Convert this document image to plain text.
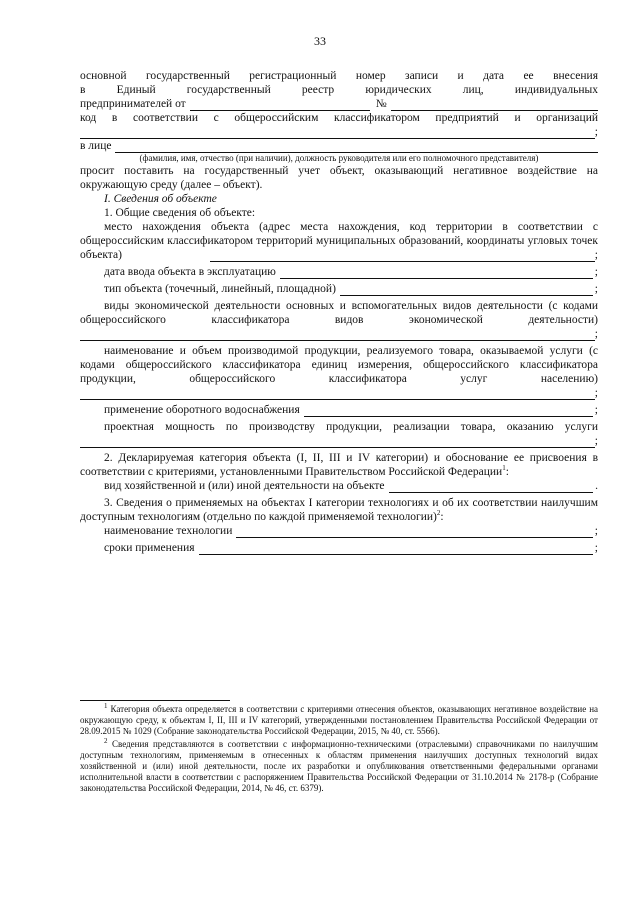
33

основной государственный регистрационный номер записи и дата ее внесения

в Единый государственный реестр юридических лиц, индивидуальных

предпринимателей от	№

код в соответствии с общероссийским классификатором предприятий и организаций

;
в лице

(фамилия, имя, отчество (при наличии), должность руководителя или его полномочного представителя)

просит поставить на государственный учет объект, оказывающий негативное воздействие на окружающую среду (далее – объект).

I. Сведения об объекте

1. Общие сведения об объекте:

место нахождения объекта (адрес места нахождения, код территории в соответствии с общероссийским классификатором территорий муниципальных образований, координаты угловых точек объекта)	;
дата ввода объекта в эксплуатацию	;
тип объекта (точечный, линейный, площадной)	;

виды экономической деятельности основных и вспомогательных видов деятельности (с кодами общероссийского классификатора видов экономической деятельности)

;

наименование и объем производимой продукции, реализуемого товара, оказываемой услуги (с кодами общероссийского классификатора единиц измерения, общероссийского классификатора продукции, общероссийского классификатора услуг населению)

;
применение оборотного водоснабжения	;

проектная мощность по производству продукции, реализации товара, оказанию услуги

;

2. Декларируемая категория объекта (I, II, III и IV категории) и обоснование ее присвоения в соответствии с критериями, установленными Правительством Российской Федерации$^1$:

вид хозяйственной и (или) иной деятельности на объекте	.

3. Сведения о применяемых на объектах I категории технологиях и об их соответствии наилучшим доступным технологиям (отдельно по каждой применяемой технологии)$^2$:

наименование технологии	;
сроки применения	;

$^1$ Категория объекта определяется в соответствии с критериями отнесения объектов, оказывающих негативное воздействие на окружающую среду, к объектам I, II, III и IV категорий, утвержденными постановлением Правительства Российской Федерации от 28.09.2015 № 1029 (Собрание законодательства Российской Федерации, 2015, № 40, ст. 5566).

$^2$ Сведения представляются в соответствии с информационно-техническими (отраслевыми) справочниками по наилучшим доступным технологиям, применяемым в отнесенных к областям применения наилучших доступных технологий видах хозяйственной и (или) иной деятельности, после их разработки и опубликования ответственными федеральными органами исполнительной власти в соответствии с распоряжением Правительства Российской Федерации от 31.10.2014 № 2178-р (Собрание законодательства Российской Федерации, 2014, № 46, ст. 6379).
